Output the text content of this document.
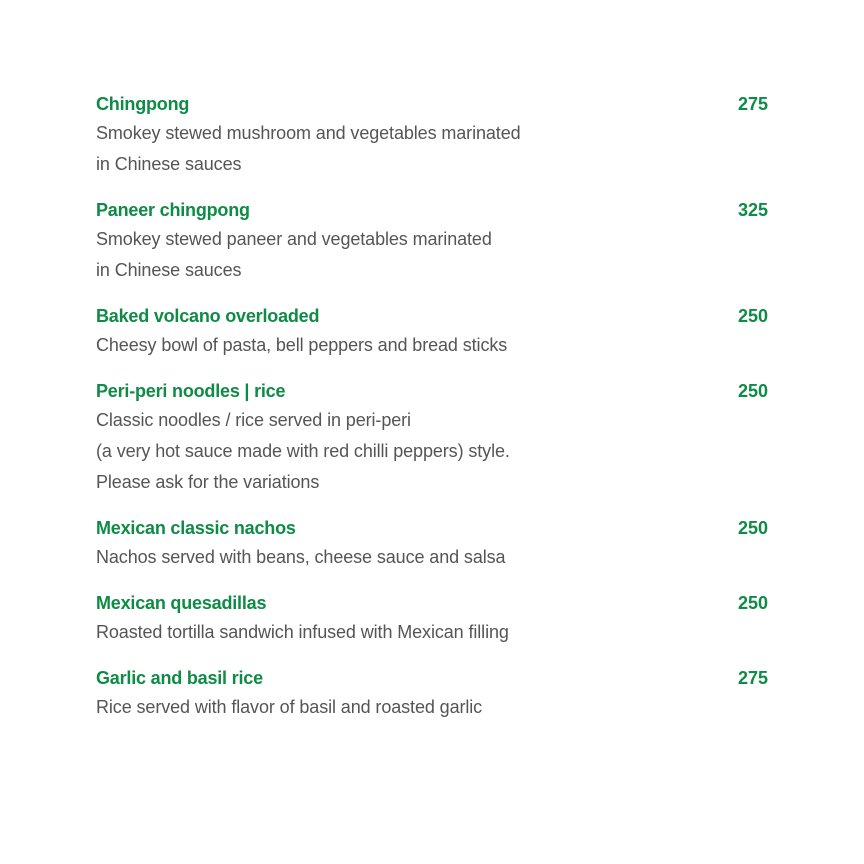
Chingpong	275
Smokey stewed mushroom and vegetables marinated
in Chinese sauces
Paneer chingpong	325
Smokey stewed paneer and vegetables marinated
in Chinese sauces
Baked volcano overloaded	250
Cheesy bowl of pasta, bell peppers and bread sticks
Peri-peri noodles | rice	250
Classic noodles / rice served in peri-peri
(a very hot sauce made with red chilli peppers) style.
Please ask for the variations
Mexican classic nachos	250
Nachos served with beans, cheese sauce and salsa
Mexican quesadillas	250
Roasted tortilla sandwich infused with Mexican filling
Garlic and basil rice	275
Rice served with flavor of basil and roasted garlic
